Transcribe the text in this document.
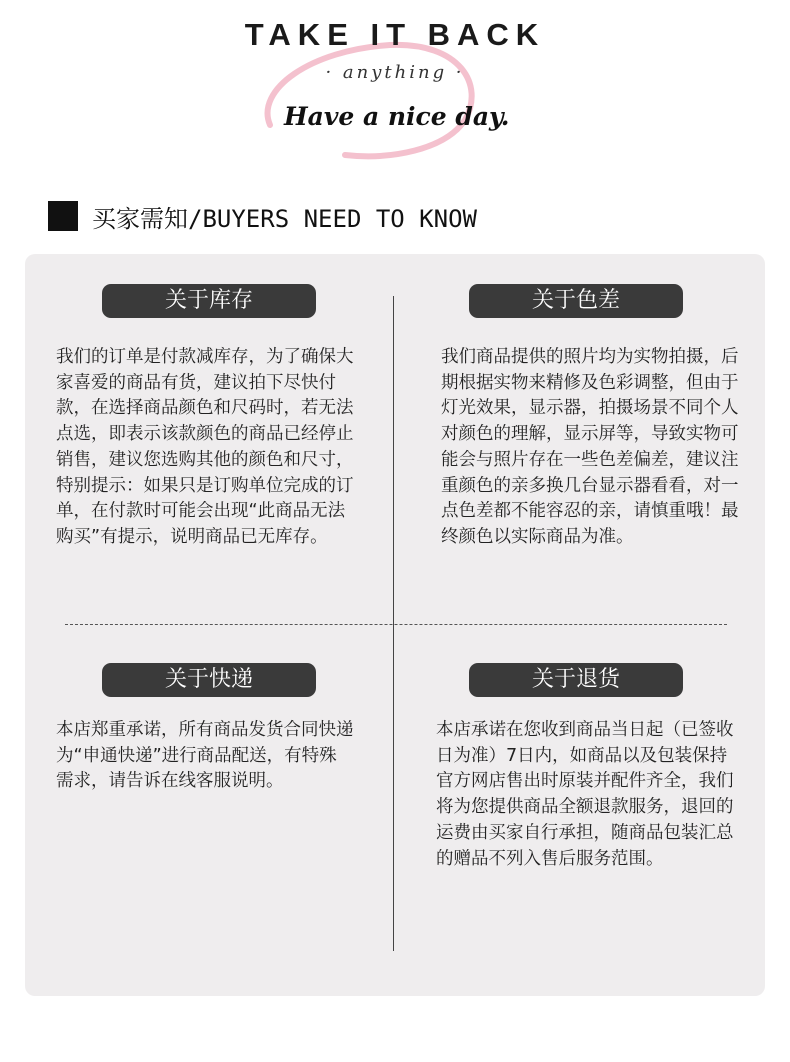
TAKE IT BACK
· anything ·
Have a nice day.
买家需知/BUYERS NEED TO KNOW
关于库存
我们的订单是付款减库存，为了确保大家喜爱的商品有货，建议拍下尽快付款，在选择商品颜色和尺码时，若无法点选，即表示该款颜色的商品已经停止销售，建议您选购其他的颜色和尺寸，特别提示：如果只是订购单位完成的订单，在付款时可能会出现“此商品无法购买”有提示，说明商品已无库存。
关于色差
我们商品提供的照片均为实物拍摄，后期根据实物来精修及色彩调整，但由于灯光效果，显示器，拍摄场景不同个人对颜色的理解，显示屏等，导致实物可能会与照片存在一些色差偏差，建议注重颜色的亲多换几台显示器看看，对一点色差都不能容忍的亲，请慎重哦！最终颜色以实际商品为准。
关于快递
本店郑重承诺，所有商品发货合同快递为“申通快递”进行商品配送，有特殊需求，请告诉在线客服说明。
关于退货
本店承诺在您收到商品当日起（已签收日为准）7日内，如商品以及包装保持官方网店售出时原装并配件齐全，我们将为您提供商品全额退款服务，退回的运费由买家自行承担，随商品包装汇总的赠品不列入售后服务范围。
